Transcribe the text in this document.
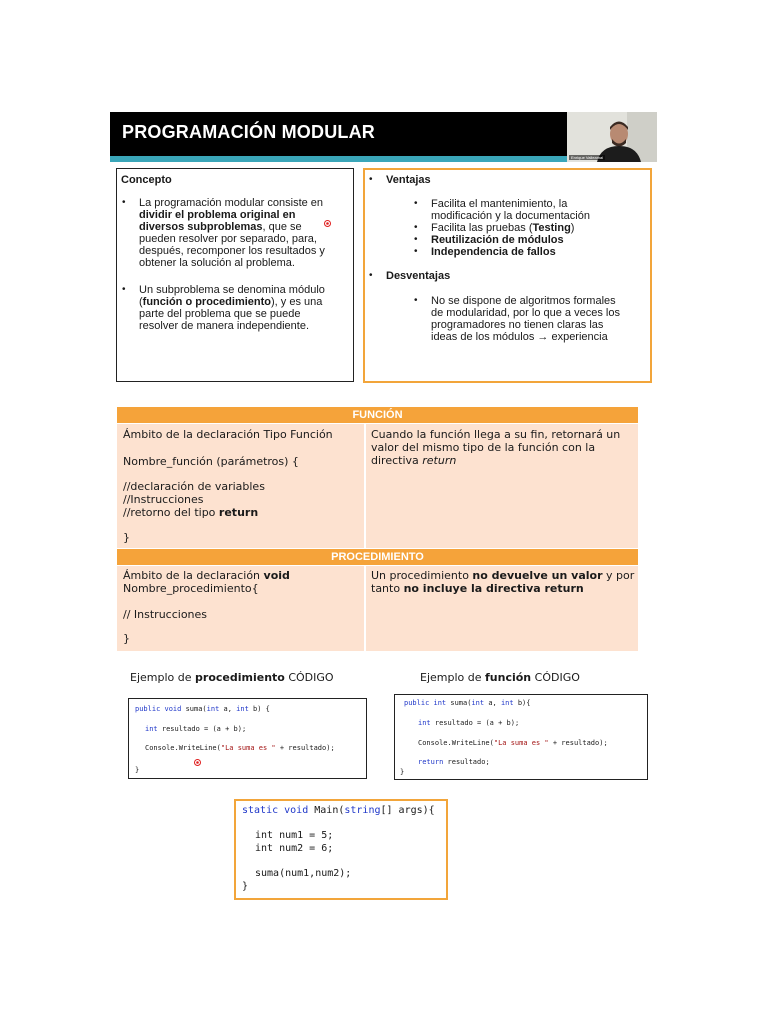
PROGRAMACIÓN MODULAR
Enrique Valleamal
Concepto
• La programación modular consiste en
dividir el problema original en
diversos subproblemas, que se
pueden resolver por separado, para,
después, recomponer los resultados y
obtener la solución al problema.
• Un subproblema se denomina módulo
(función o procedimiento), y es una
parte del problema que se puede
resolver de manera independiente.
• Ventajas
• Facilita el mantenimiento, la
modificación y la documentación
• Facilita las pruebas (Testing)
• Reutilización de módulos
• Independencia de fallos
• Desventajas
• No se dispone de algoritmos formales
de modularidad, por lo que a veces los
programadores no tienen claras las
ideas de los módulos → experiencia
FUNCIÓN
Ámbito de la declaración Tipo Función
Nombre_función (parámetros) {
//declaración de variables
//Instrucciones
//retorno del tipo return
}
Cuando la función llega a su fin, retornará un
valor del mismo tipo de la función con la
directiva return
PROCEDIMIENTO
Ámbito de la declaración void
Nombre_procedimiento{
// Instrucciones
}
Un procedimiento no devuelve un valor y por
tanto no incluye la directiva return
Ejemplo de procedimiento CÓDIGO	Ejemplo de función CÓDIGO
public void suma(int a, int b) {
int resultado = (a + b);
Console.WriteLine("La suma es " + resultado);
}
public int suma(int a, int b){
int resultado = (a + b);
Console.WriteLine("La suma es " + resultado);
return resultado;
}
static void Main(string[] args){
int num1 = 5;
int num2 = 6;
suma(num1,num2);
}
